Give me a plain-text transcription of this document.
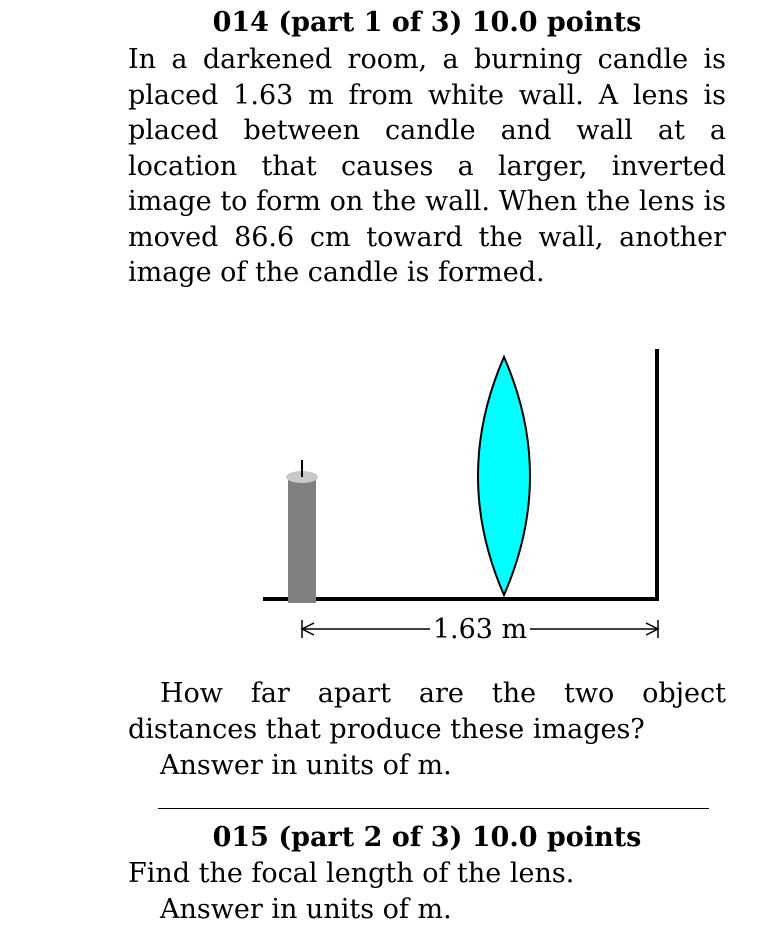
014 (part 1 of 3) 10.0 points

In a darkened room, a burning candle is placed 1.63 m from white wall. A lens is placed between candle and wall at a location that causes a larger, inverted image to form on the wall. When the lens is moved 86.6 cm toward the wall, another image of the candle is formed.

1.63 m

How far apart are the two object distances that produce these images?

Answer in units of m.

015 (part 2 of 3) 10.0 points

Find the focal length of the lens.

Answer in units of m.
